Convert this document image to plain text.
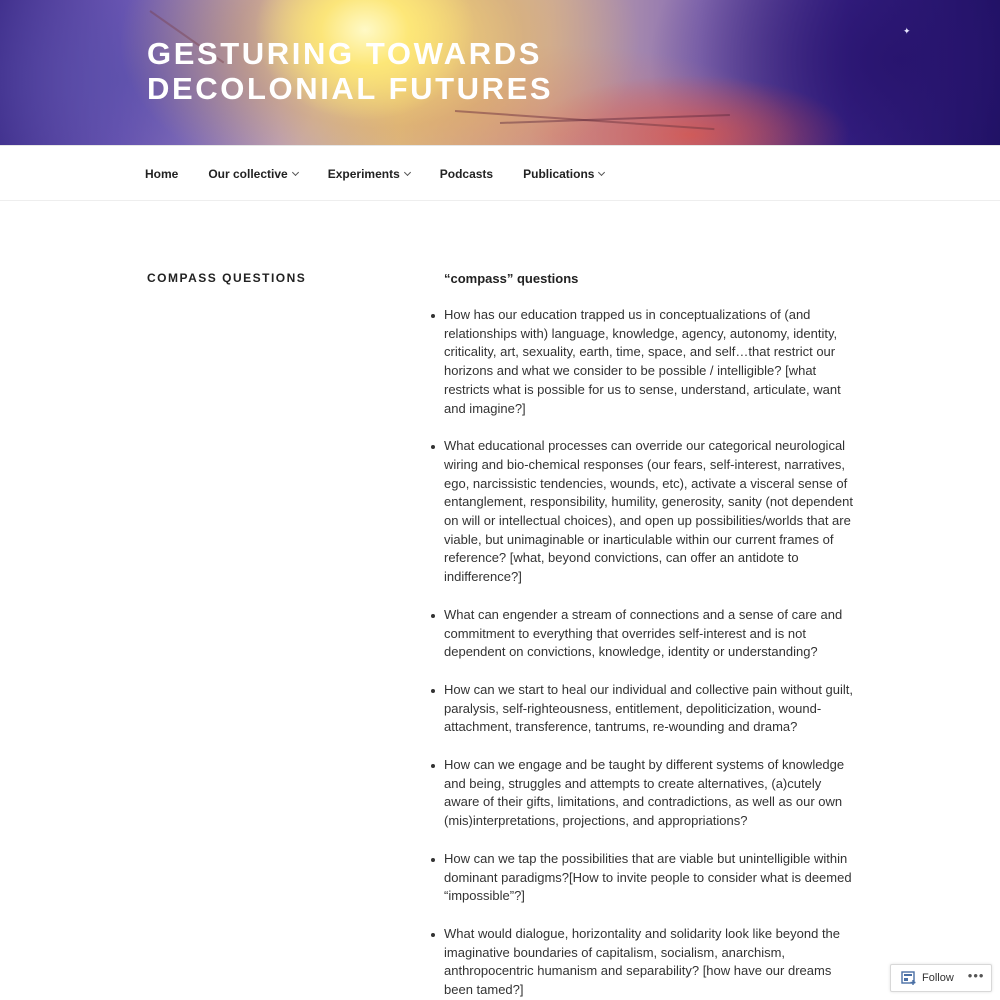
✦
GESTURING TOWARDS DECOLONIAL FUTURES
Home	Our collective	Experiments	Podcasts	Publications
COMPASS QUESTIONS	“compass” questions

How has our education trapped us in conceptualizations of (and relationships with) language, knowledge, agency, autonomy, identity, criticality, art, sexuality, earth, time, space, and self…that restrict our horizons and what we consider to be possible / intelligible? [what restricts what is possible for us to sense, understand, articulate, want and imagine?]
What educational processes can override our categorical neurological wiring and bio-chemical responses (our fears, self-interest, narratives, ego, narcissistic tendencies, wounds, etc), activate a visceral sense of entanglement, responsibility, humility, generosity, sanity (not dependent on will or intellectual choices), and open up possibilities/worlds that are viable, but unimaginable or inarticulable within our current frames of reference? [what, beyond convictions, can offer an antidote to indifference?]
What can engender a stream of connections and a sense of care and commitment to everything that overrides self-interest and is not dependent on convictions, knowledge, identity or understanding?
How can we start to heal our individual and collective pain without guilt, paralysis, self-righteousness, entitlement, depoliticization, wound-attachment, transference, tantrums, re-wounding and drama?
How can we engage and be taught by different systems of knowledge and being, struggles and attempts to create alternatives, (a)cutely aware of their gifts, limitations, and contradictions, as well as our own (mis)interpretations, projections, and appropriations?
How can we tap the possibilities that are viable but unintelligible within dominant paradigms?[How to invite people to consider what is deemed “impossible”?]
What would dialogue, horizontality and solidarity look like beyond the imaginative boundaries of capitalism, socialism, anarchism, anthropocentric humanism and separability? [how have our dreams been tamed?]
Follow •••
